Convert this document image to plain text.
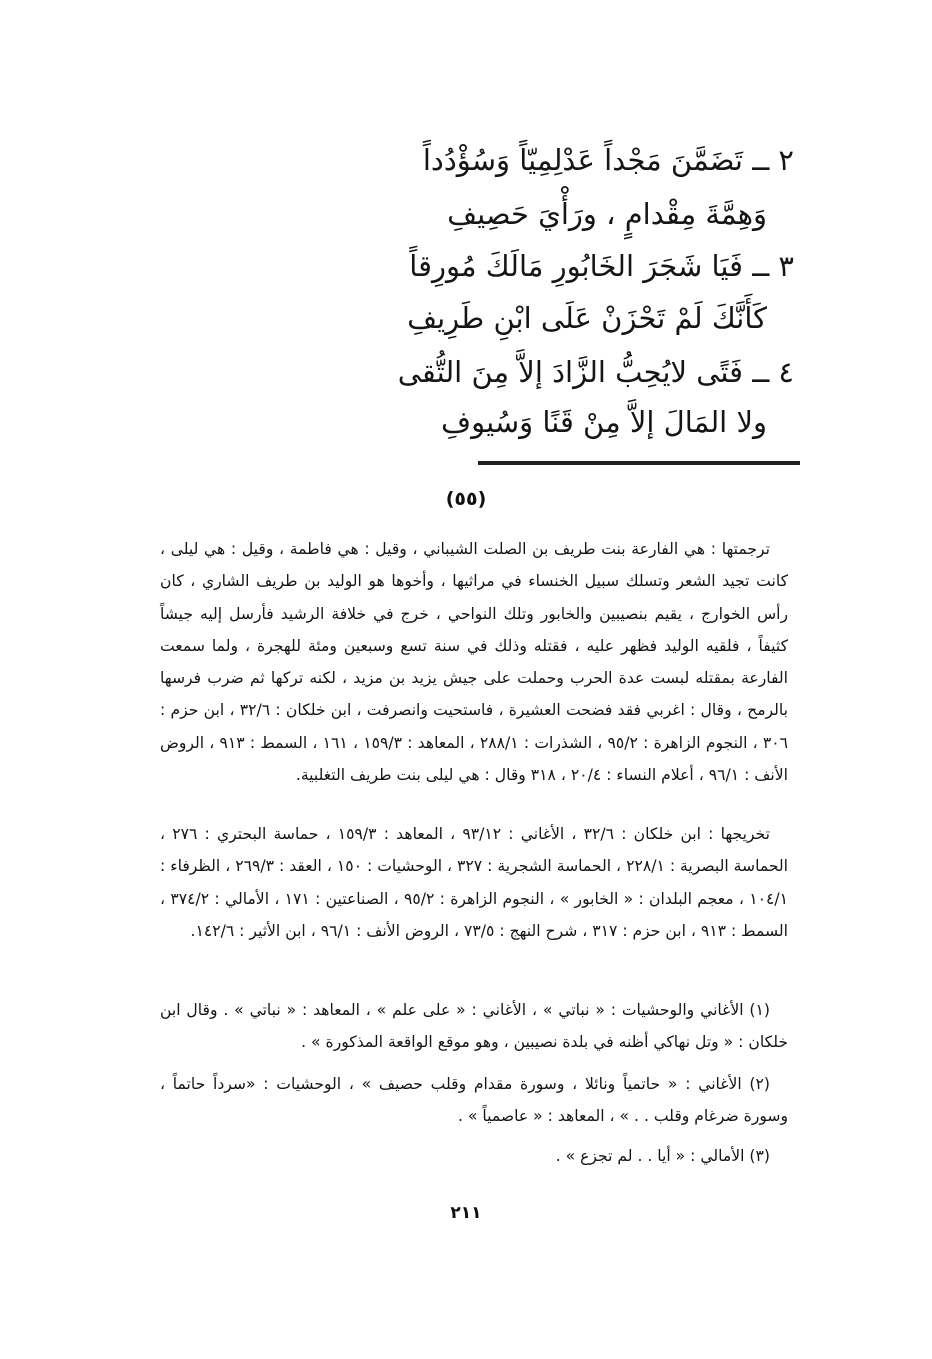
٢ ــ تَضَمَّنَ مَجْداً عَدْلِمِيّاً وَسُؤْدُداً
وَهِمَّةَ مِقْدامٍ ، ورَأْيَ حَصِيفِ
٣ ــ فَيَا شَجَرَ الخَابُورِ مَالَكَ مُورِقاً
كَأَنَّكَ لَمْ تَحْزَنْ عَلَى ابْنِ طَرِيفِ
٤ ــ فَتًى لايُحِبُّ الزَّادَ إلاَّ مِنَ التُّقى
ولا المَالَ إلاَّ مِنْ قَنًا وَسُيوفِ
(٥٥)

ترجمتها : هي الفارعة بنت طريف بن الصلت الشيباني ، وقيل : هي فاطمة ، وقيل : هي ليلى ، كانت تجيد الشعر وتسلك سبيل الخنساء في مراثيها ، وأخوها هو الوليد بن طريف الشاري ، كان رأس الخوارج ، يقيم بنصيبين والخابور وتلك النواحي ، خرج في خلافة الرشيد فأرسل إليه جيشاً كثيفاً ، فلقيه الوليد فظهر عليه ، فقتله وذلك في سنة تسع وسبعين ومئة للهجرة ، ولما سمعت الفارعة بمقتله لبست عدة الحرب وحملت على جيش يزيد بن مزيد ، لكنه تركها ثم ضرب فرسها بالرمح ، وقال : اغربي فقد فضحت العشيرة ، فاستحيت وانصرفت ، ابن خلكان : ٣٢/٦ ، ابن حزم : ٣٠٦ ، النجوم الزاهرة : ٩٥/٢ ، الشذرات : ٢٨٨/١ ، المعاهد : ١٥٩/٣ ، ١٦١ ، السمط : ٩١٣ ، الروض الأنف : ٩٦/١ ، أعلام النساء : ٢٠/٤ ، ٣١٨ وقال : هي ليلى بنت طريف التغلبية.

تخريجها : ابن خلكان : ٣٢/٦ ، الأغاني : ٩٣/١٢ ، المعاهد : ١٥٩/٣ ، حماسة البحتري : ٢٧٦ ، الحماسة البصرية : ٢٢٨/١ ، الحماسة الشجرية : ٣٢٧ ، الوحشيات : ١٥٠ ، العقد : ٢٦٩/٣ ، الظرفاء : ١٠٤/١ ، معجم البلدان : « الخابور » ، النجوم الزاهرة : ٩٥/٢ ، الصناعتين : ١٧١ ، الأمالي : ٣٧٤/٢ ، السمط : ٩١٣ ، ابن حزم : ٣١٧ ، شرح النهج : ٧٣/٥ ، الروض الأنف : ٩٦/١ ، ابن الأثير : ١٤٢/٦.

(١) الأغاني والوحشيات : « نباتي » ، الأغاني : « على علم » ، المعاهد : « نباتي » . وقال ابن خلكان : « وتل نهاكي أظنه في بلدة نصيبين ، وهو موقع الواقعة المذكورة » .

(٢) الأغاني : « حاتمياً ونائلا ، وسورة مقدام وقلب حصيف » ، الوحشيات : «سرداً حاتماً ، وسورة ضرغام وقلب . . » ، المعاهد : « عاصمياً » .

(٣) الأمالي : « أيا . . لم تجزع » .

٢١١
